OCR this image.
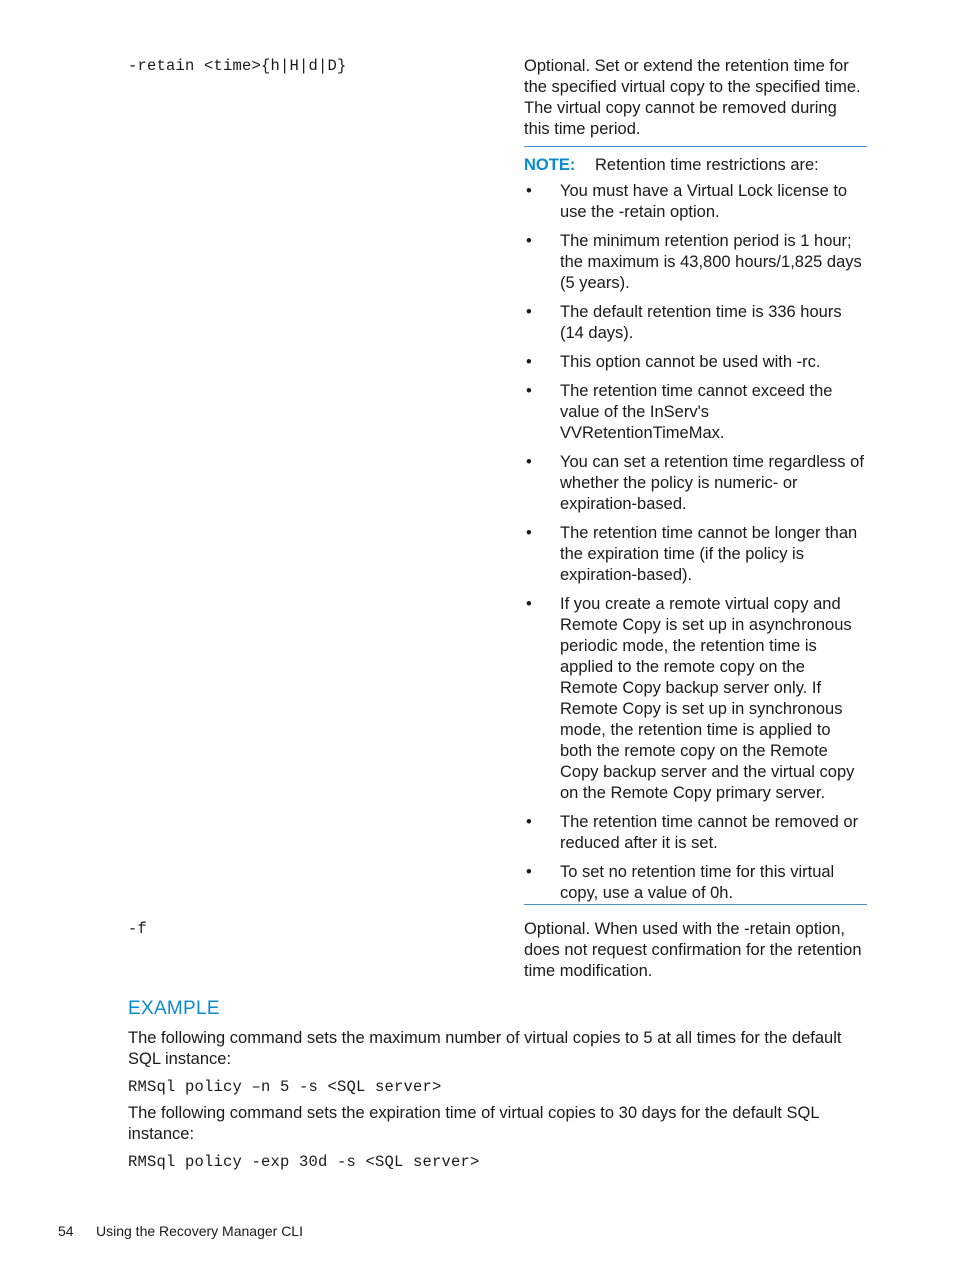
-retain <time>{h|H|d|D}	Optional. Set or extend the retention time for the specified virtual copy to the specified time. The virtual copy cannot be removed during this time period.
NOTE: Retention time restrictions are:
• You must have a Virtual Lock license to use the -retain option.
• The minimum retention period is 1 hour; the maximum is 43,800 hours/1,825 days (5 years).
• The default retention time is 336 hours (14 days).
• This option cannot be used with -rc.
• The retention time cannot exceed the value of the InServ's VVRetentionTimeMax.
• You can set a retention time regardless of whether the policy is numeric- or expiration-based.
• The retention time cannot be longer than the expiration time (if the policy is expiration-based).
• If you create a remote virtual copy and Remote Copy is set up in asynchronous periodic mode, the retention time is applied to the remote copy on the Remote Copy backup server only. If Remote Copy is set up in synchronous mode, the retention time is applied to both the remote copy on the Remote Copy backup server and the virtual copy on the Remote Copy primary server.
• The retention time cannot be removed or reduced after it is set.
• To set no retention time for this virtual copy, use a value of 0h.
-f	Optional. When used with the -retain option, does not request confirmation for the retention time modification.
EXAMPLE
The following command sets the maximum number of virtual copies to 5 at all times for the default SQL instance:
RMSql policy –n 5 -s <SQL server>
The following command sets the expiration time of virtual copies to 30 days for the default SQL instance:
RMSql policy -exp 30d -s <SQL server>
54 Using the Recovery Manager CLI
